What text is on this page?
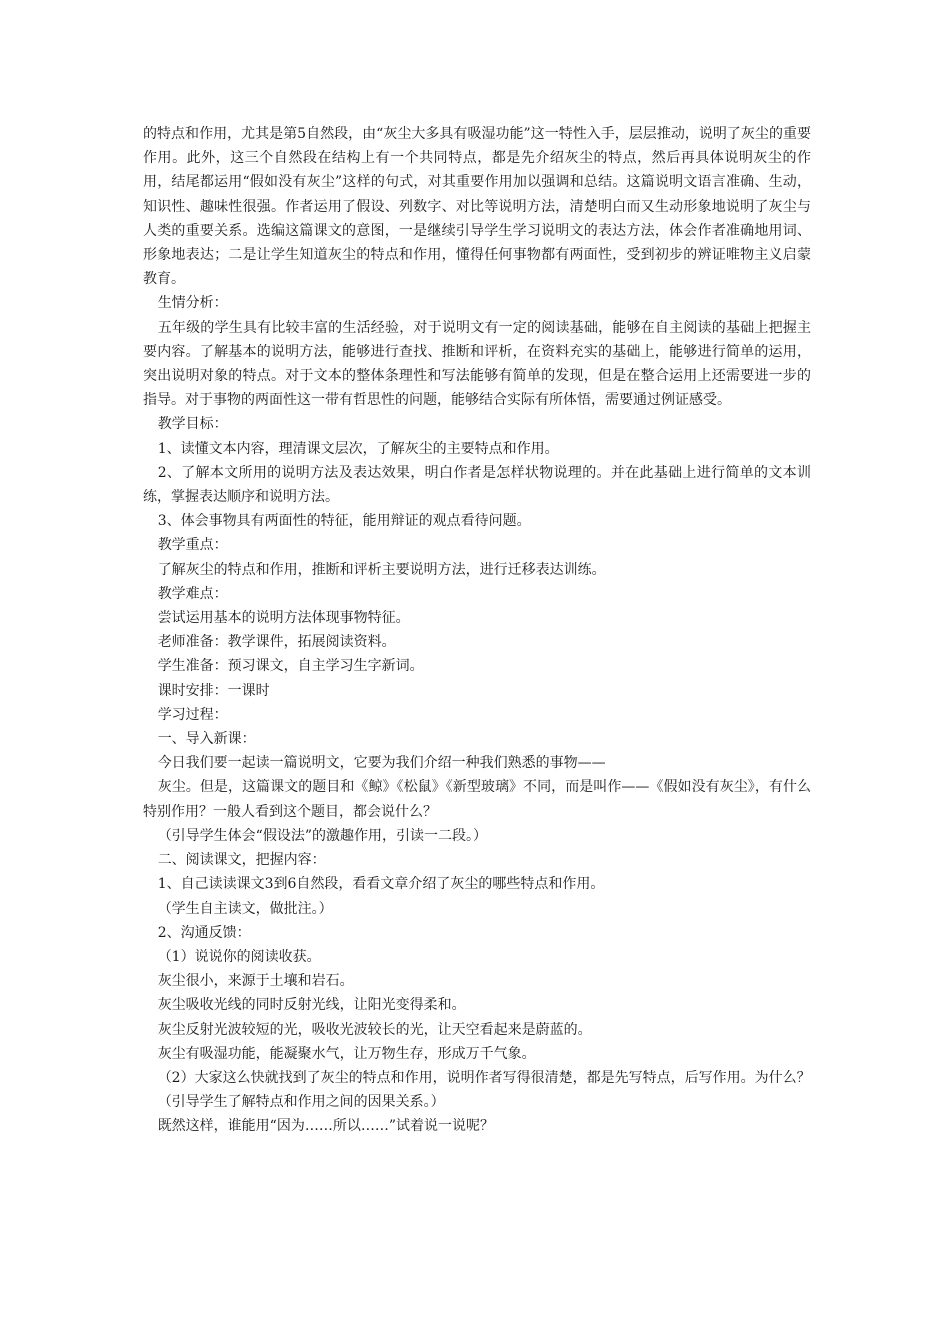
的特点和作用，尤其是第5自然段，由“灰尘大多具有吸湿功能”这一特性入手，层层推动，说明了灰尘的重要作用。此外，这三个自然段在结构上有一个共同特点，都是先介绍灰尘的特点，然后再具体说明灰尘的作用，结尾都运用“假如没有灰尘”这样的句式，对其重要作用加以强调和总结。这篇说明文语言准确、生动，知识性、趣味性很强。作者运用了假设、列数字、对比等说明方法，清楚明白而又生动形象地说明了灰尘与人类的重要关系。选编这篇课文的意图，一是继续引导学生学习说明文的表达方法，体会作者准确地用词、形象地表达；二是让学生知道灰尘的特点和作用，懂得任何事物都有两面性，受到初步的辨证唯物主义启蒙教育。

生情分析：

五年级的学生具有比较丰富的生活经验，对于说明文有一定的阅读基础，能够在自主阅读的基础上把握主要内容。了解基本的说明方法，能够进行查找、推断和评析，在资料充实的基础上，能够进行简单的运用，突出说明对象的特点。对于文本的整体条理性和写法能够有简单的发现，但是在整合运用上还需要进一步的指导。对于事物的两面性这一带有哲思性的问题，能够结合实际有所体悟，需要通过例证感受。

教学目标：

1、读懂文本内容，理清课文层次，了解灰尘的主要特点和作用。

2、了解本文所用的说明方法及表达效果，明白作者是怎样状物说理的。并在此基础上进行简单的文本训练，掌握表达顺序和说明方法。

3、体会事物具有两面性的特征，能用辩证的观点看待问题。

教学重点：

了解灰尘的特点和作用，推断和评析主要说明方法，进行迁移表达训练。

教学难点：

尝试运用基本的说明方法体现事物特征。

老师准备：教学课件，拓展阅读资料。

学生准备：预习课文，自主学习生字新词。

课时安排：一课时

学习过程：

一、导入新课：

今日我们要一起读一篇说明文，它要为我们介绍一种我们熟悉的事物——

灰尘。但是，这篇课文的题目和《鲸》《松鼠》《新型玻璃》不同，而是叫作——《假如没有灰尘》，有什么特别作用？一般人看到这个题目，都会说什么？

（引导学生体会“假设法”的激趣作用，引读一二段。）

二、阅读课文，把握内容：

1、自己读读课文3到6自然段，看看文章介绍了灰尘的哪些特点和作用。

（学生自主读文，做批注。）

2、沟通反馈：

（1）说说你的阅读收获。

灰尘很小，来源于土壤和岩石。

灰尘吸收光线的同时反射光线，让阳光变得柔和。

灰尘反射光波较短的光，吸收光波较长的光，让天空看起来是蔚蓝的。

灰尘有吸湿功能，能凝聚水气，让万物生存，形成万千气象。

（2）大家这么快就找到了灰尘的特点和作用，说明作者写得很清楚，都是先写特点，后写作用。为什么？

（引导学生了解特点和作用之间的因果关系。）

既然这样，谁能用“因为……所以……”试着说一说呢？
